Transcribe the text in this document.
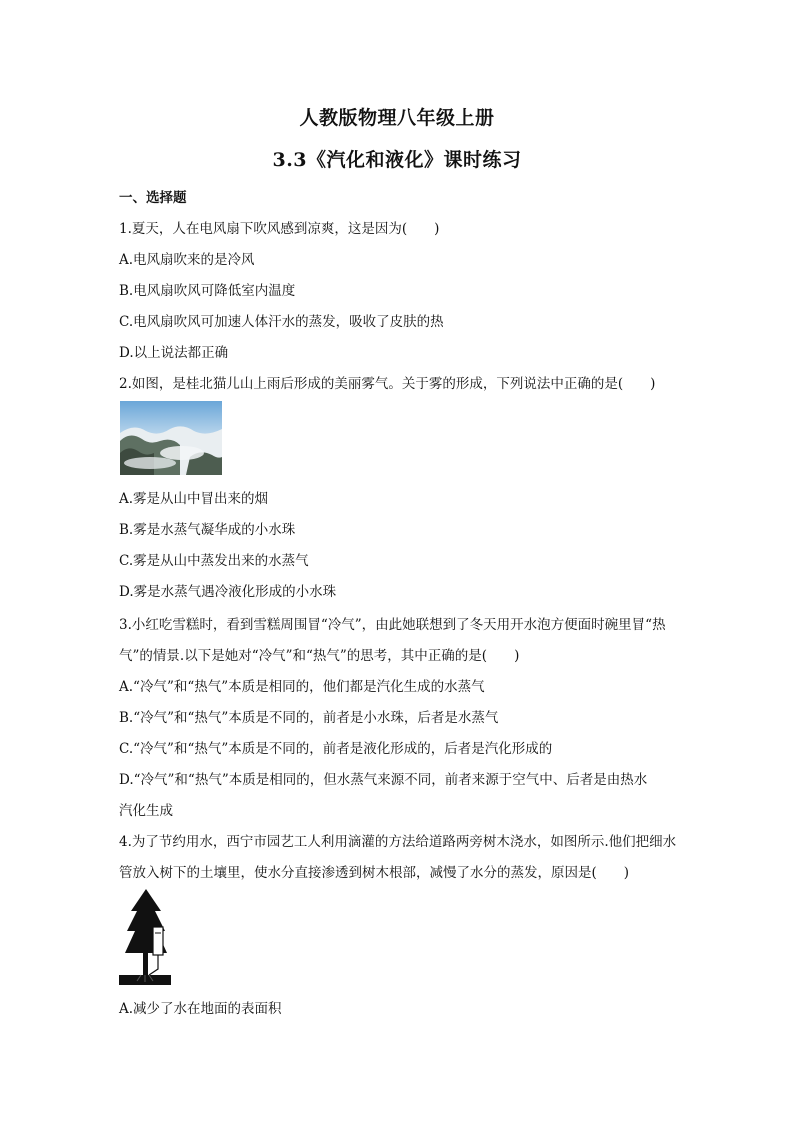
人教版物理八年级上册
3.3《汽化和液化》课时练习
一、选择题
1.夏天，人在电风扇下吹风感到凉爽，这是因为(　　)
A.电风扇吹来的是冷风
B.电风扇吹风可降低室内温度
C.电风扇吹风可加速人体汗水的蒸发，吸收了皮肤的热
D.以上说法都正确
2.如图，是桂北猫儿山上雨后形成的美丽雾气。关于雾的形成，下列说法中正确的是(　　)
A.雾是从山中冒出来的烟
B.雾是水蒸气凝华成的小水珠
C.雾是从山中蒸发出来的水蒸气
D.雾是水蒸气遇冷液化形成的小水珠
3.小红吃雪糕时，看到雪糕周围冒“冷气”，由此她联想到了冬天用开水泡方便面时碗里冒“热
气”的情景.以下是她对“冷气”和“热气”的思考，其中正确的是(　　)
A.“冷气”和“热气”本质是相同的，他们都是汽化生成的水蒸气
B.“冷气”和“热气”本质是不同的，前者是小水珠，后者是水蒸气
C.“冷气”和“热气”本质是不同的，前者是液化形成的，后者是汽化形成的
D.“冷气”和“热气”本质是相同的，但水蒸气来源不同，前者来源于空气中、后者是由热水
汽化生成
4.为了节约用水，西宁市园艺工人利用滴灌的方法给道路两旁树木浇水，如图所示.他们把细水
管放入树下的土壤里，使水分直接渗透到树木根部，减慢了水分的蒸发，原因是(　　)
A.减少了水在地面的表面积
